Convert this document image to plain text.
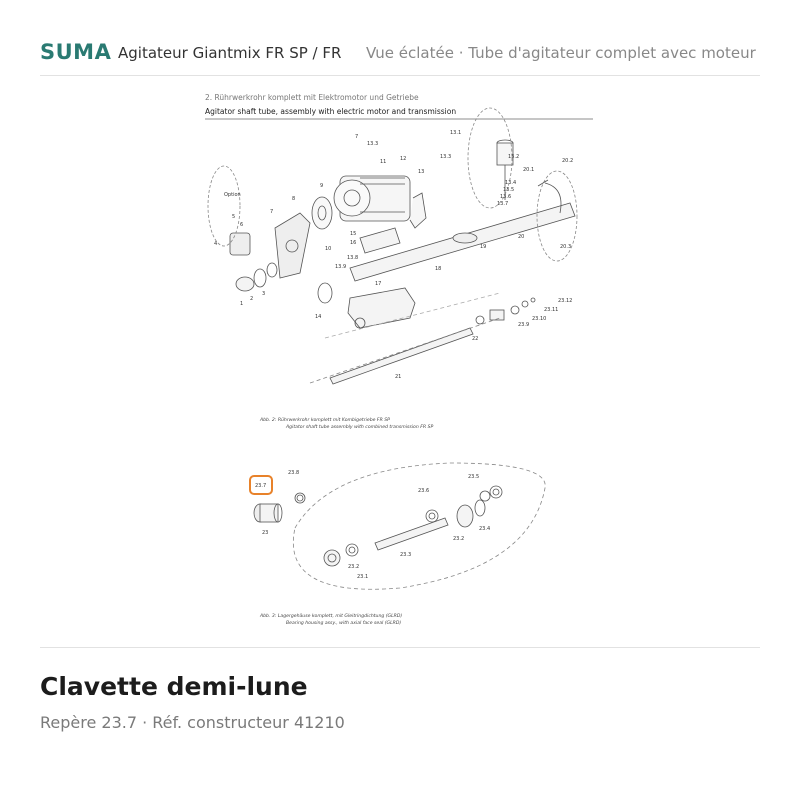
SUMA Agitateur Giantmix FR SP / FR Vue éclatée · Tube d'agitateur complet avec moteur
2. Rührwerkrohr komplett mit Elektromotor und Getriebe
Agitator shaft tube, assembly with electric motor and transmission
7
13.3
11	12
13
13.1
13.3	13.2
13.4
13.5
13.6
13.7
20.1
20.2
20
20.3
Option
5
6
4
7
8
9
10
15
16
19
18
13.8
13.9
17
3
2
1
14
23.12
23.11
23.10
23.9
22
21
Abb. 2: Rührwerkrohr komplett mit Kombigetriebe FR SP
Agitator shaft tube assembly with combined transmission FR SP
23.7
23.8
23.5
23.6
23
23.4
23.2
23.3
23.2
23.1
Abb. 3: Lagergehäuse komplett, mit Gleitringdichtung (GLRD)
Bearing housing assy., with axial face seal (GLRD)
Clavette demi-lune
Repère 23.7 · Réf. constructeur 41210
